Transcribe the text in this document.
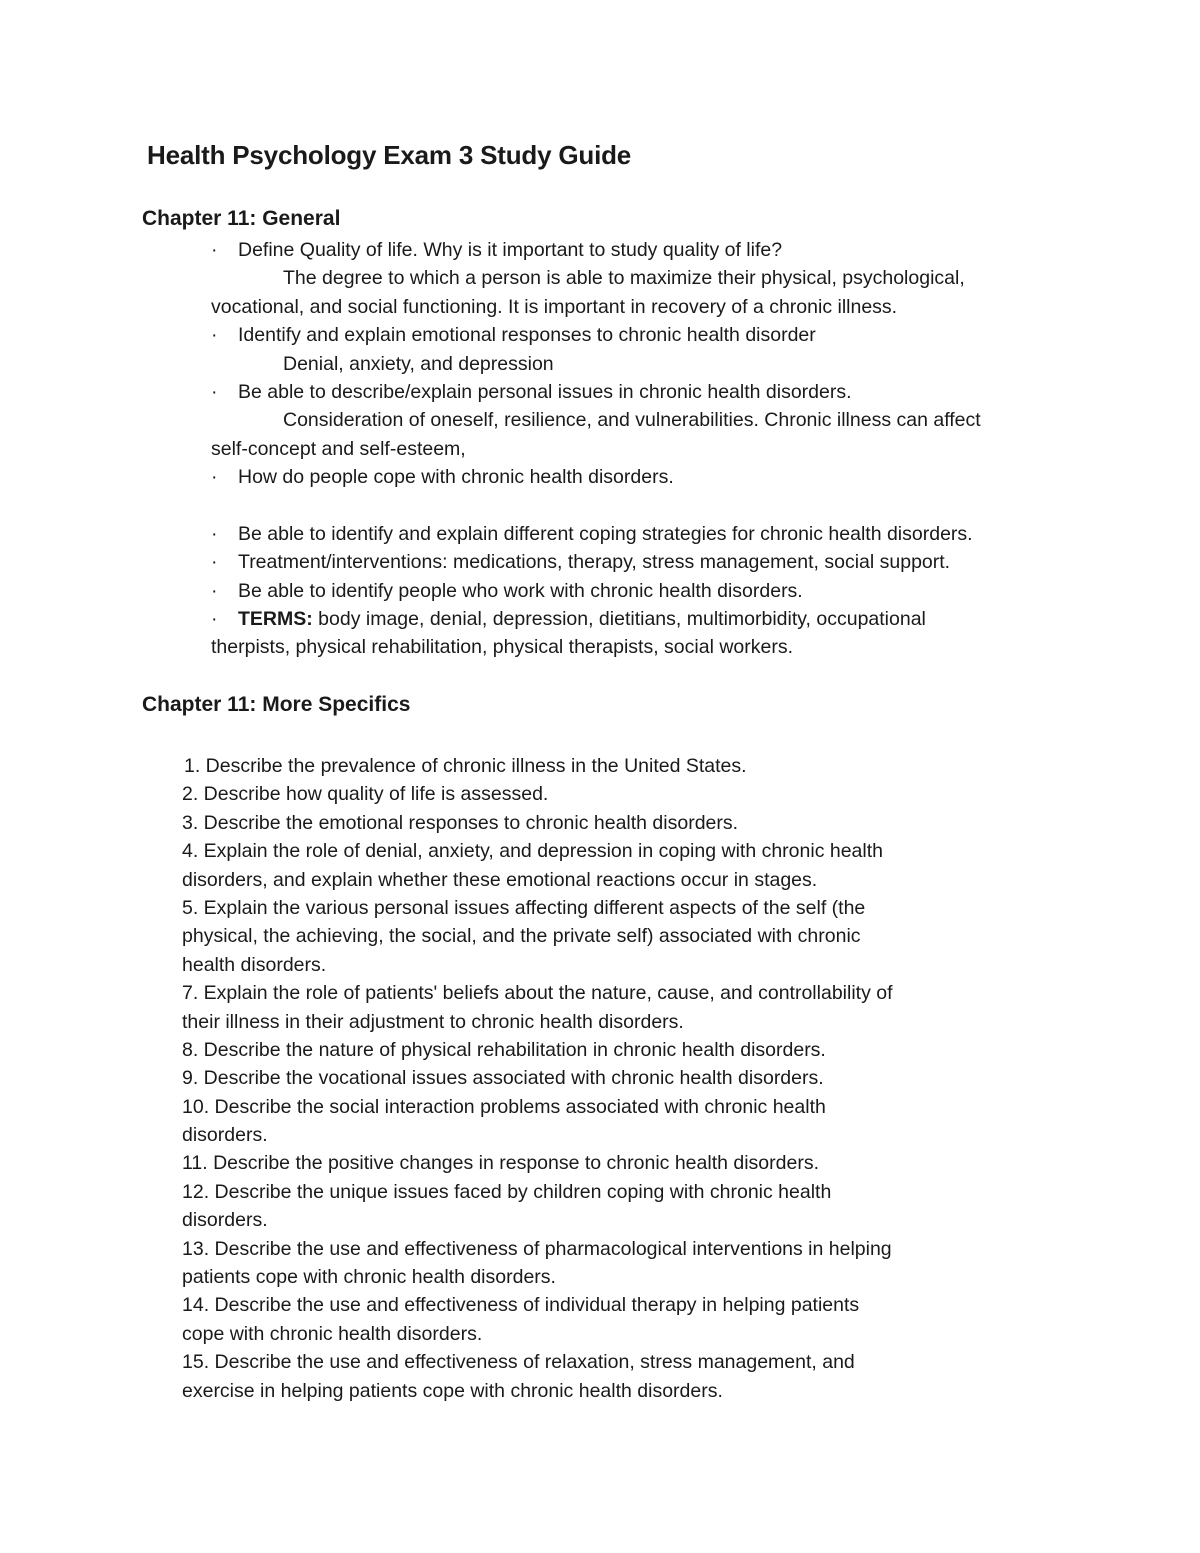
Health Psychology Exam 3 Study Guide
Chapter 11: General
· Define Quality of life. Why is it important to study quality of life?
The degree to which a person is able to maximize their physical, psychological,
vocational, and social functioning. It is important in recovery of a chronic illness.
· Identify and explain emotional responses to chronic health disorder
Denial, anxiety, and depression
· Be able to describe/explain personal issues in chronic health disorders.
Consideration of oneself, resilience, and vulnerabilities. Chronic illness can affect
self-concept and self-esteem,
· How do people cope with chronic health disorders.
· Be able to identify and explain different coping strategies for chronic health disorders.
· Treatment/interventions: medications, therapy, stress management, social support.
· Be able to identify people who work with chronic health disorders.
· TERMS: body image, denial, depression, dietitians, multimorbidity, occupational
therpists, physical rehabilitation, physical therapists, social workers.
Chapter 11: More Specifics
1. Describe the prevalence of chronic illness in the United States.
2. Describe how quality of life is assessed.
3. Describe the emotional responses to chronic health disorders.
4. Explain the role of denial, anxiety, and depression in coping with chronic health
disorders, and explain whether these emotional reactions occur in stages.
5. Explain the various personal issues affecting different aspects of the self (the
physical, the achieving, the social, and the private self) associated with chronic
health disorders.
7. Explain the role of patients' beliefs about the nature, cause, and controllability of
their illness in their adjustment to chronic health disorders.
8. Describe the nature of physical rehabilitation in chronic health disorders.
9. Describe the vocational issues associated with chronic health disorders.
10. Describe the social interaction problems associated with chronic health
disorders.
11. Describe the positive changes in response to chronic health disorders.
12. Describe the unique issues faced by children coping with chronic health
disorders.
13. Describe the use and effectiveness of pharmacological interventions in helping
patients cope with chronic health disorders.
14. Describe the use and effectiveness of individual therapy in helping patients
cope with chronic health disorders.
15. Describe the use and effectiveness of relaxation, stress management, and
exercise in helping patients cope with chronic health disorders.
